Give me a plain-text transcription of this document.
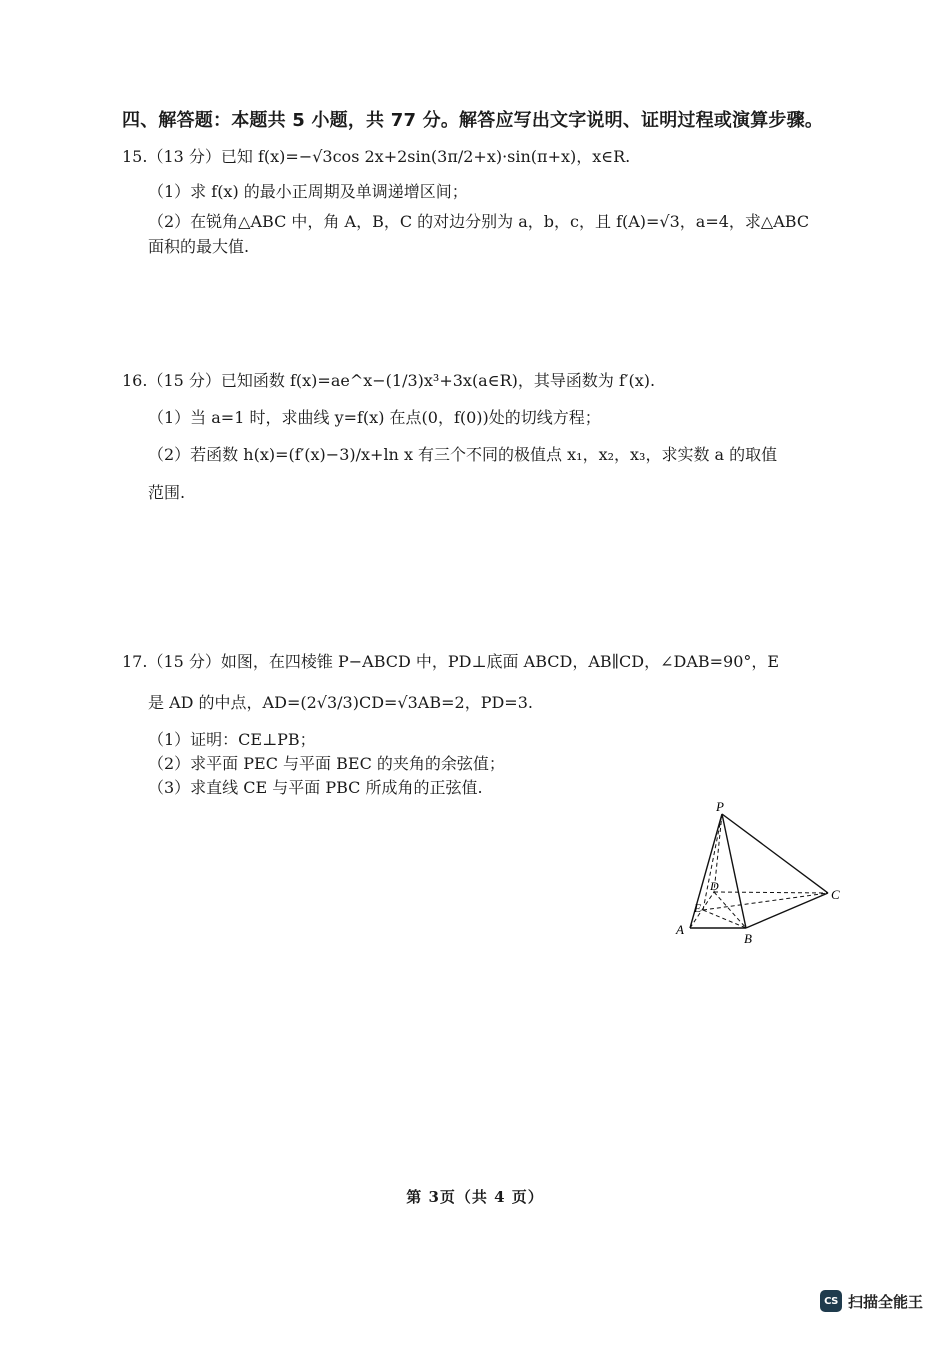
四、解答题：本题共 5 小题，共 77 分。解答应写出文字说明、证明过程或演算步骤。
15.（13 分）已知 f(x)=−√3cos 2x+2sin(3π/2+x)·sin(π+x)，x∈R.
（1）求 f(x) 的最小正周期及单调递增区间；
（2）在锐角△ABC 中，角 A，B，C 的对边分别为 a，b，c，且 f(A)=√3，a=4，求△ABC
面积的最大值.
16.（15 分）已知函数 f(x)=ae^x−(1/3)x³+3x(a∈R)，其导函数为 f′(x).
（1）当 a=1 时，求曲线 y=f(x) 在点(0，f(0))处的切线方程；
（2）若函数 h(x)=(f′(x)−3)/x+ln x 有三个不同的极值点 x₁，x₂，x₃，求实数 a 的取值
范围.
17.（15 分）如图，在四棱锥 P−ABCD 中，PD⊥底面 ABCD，AB∥CD，∠DAB=90°，E
是 AD 的中点，AD=(2√3/3)CD=√3AB=2，PD=3.
（1）证明：CE⊥PB；
（2）求平面 PEC 与平面 BEC 的夹角的余弦值；
（3）求直线 CE 与平面 PBC 所成角的正弦值.
P
D
C
E
A
B
第 3页（共 4 页）
CS 扫描全能王
